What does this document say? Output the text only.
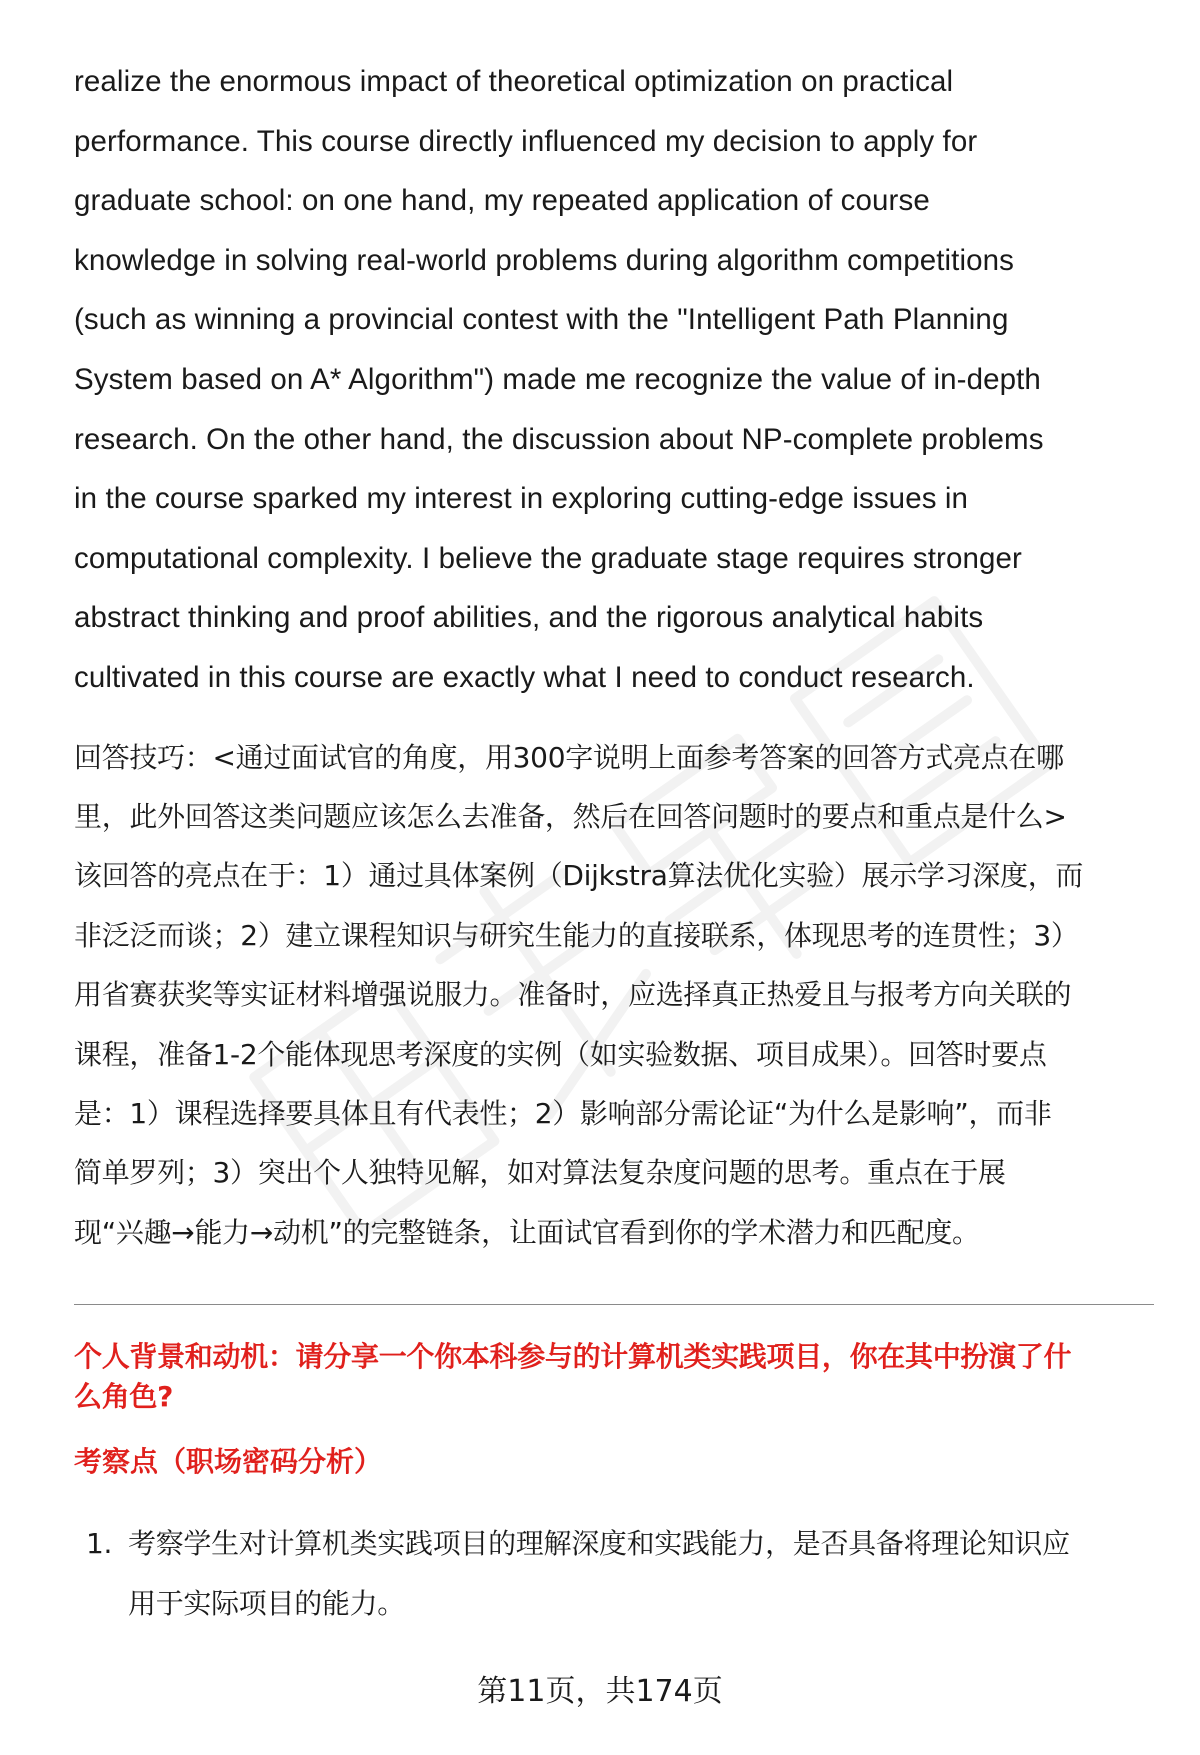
realize the enormous impact of theoretical optimization on practical
performance. This course directly influenced my decision to apply for
graduate school: on one hand, my repeated application of course
knowledge in solving real-world problems during algorithm competitions
(such as winning a provincial contest with the "Intelligent Path Planning
System based on A* Algorithm") made me recognize the value of in-depth
research. On the other hand, the discussion about NP-complete problems
in the course sparked my interest in exploring cutting-edge issues in
computational complexity. I believe the graduate stage requires stronger
abstract thinking and proof abilities, and the rigorous analytical habits
cultivated in this course are exactly what I need to conduct research.

回答技巧：<通过面试官的角度，用300字说明上面参考答案的回答方式亮点在哪
里，此外回答这类问题应该怎么去准备，然后在回答问题时的要点和重点是什么>
该回答的亮点在于：1）通过具体案例（Dijkstra算法优化实验）展示学习深度，而
非泛泛而谈；2）建立课程知识与研究生能力的直接联系，体现思考的连贯性；3）
用省赛获奖等实证材料增强说服力。准备时，应选择真正热爱且与报考方向关联的
课程，准备1-2个能体现思考深度的实例（如实验数据、项目成果）。回答时要点
是：1）课程选择要具体且有代表性；2）影响部分需论证“为什么是影响”，而非
简单罗列；3）突出个人独特见解，如对算法复杂度问题的思考。重点在于展
现“兴趣→能力→动机”的完整链条，让面试官看到你的学术潜力和匹配度。

个人背景和动机：请分享一个你本科参与的计算机类实践项目，你在其中扮演了什
么角色?

考察点（职场密码分析）

1. 考察学生对计算机类实践项目的理解深度和实践能力，是否具备将理论知识应
用于实际项目的能力。
第11页，共174页
